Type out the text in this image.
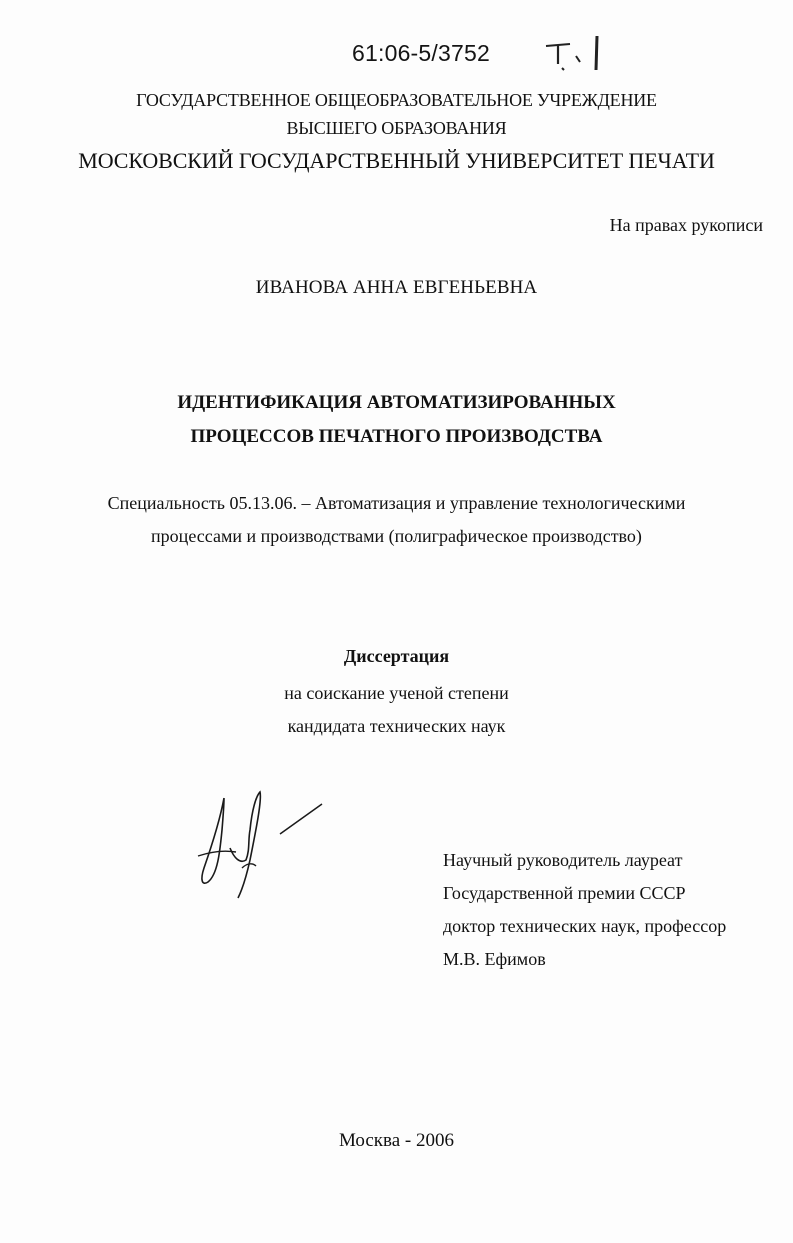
61:06-5/3752
ГОСУДАРСТВЕННОЕ ОБЩЕОБРАЗОВАТЕЛЬНОЕ УЧРЕЖДЕНИЕ
ВЫСШЕГО ОБРАЗОВАНИЯ
МОСКОВСКИЙ ГОСУДАРСТВЕННЫЙ УНИВЕРСИТЕТ ПЕЧАТИ
На правах рукописи
ИВАНОВА АННА ЕВГЕНЬЕВНА
ИДЕНТИФИКАЦИЯ АВТОМАТИЗИРОВАННЫХ
ПРОЦЕССОВ ПЕЧАТНОГО ПРОИЗВОДСТВА
Специальность 05.13.06. – Автоматизация и управление технологическими
процессами и производствами (полиграфическое производство)
Диссертация
на соискание ученой степени
кандидата технических наук
Научный руководитель лауреат
Государственной премии СССР
доктор технических наук, профессор
М.В. Ефимов
Москва - 2006
